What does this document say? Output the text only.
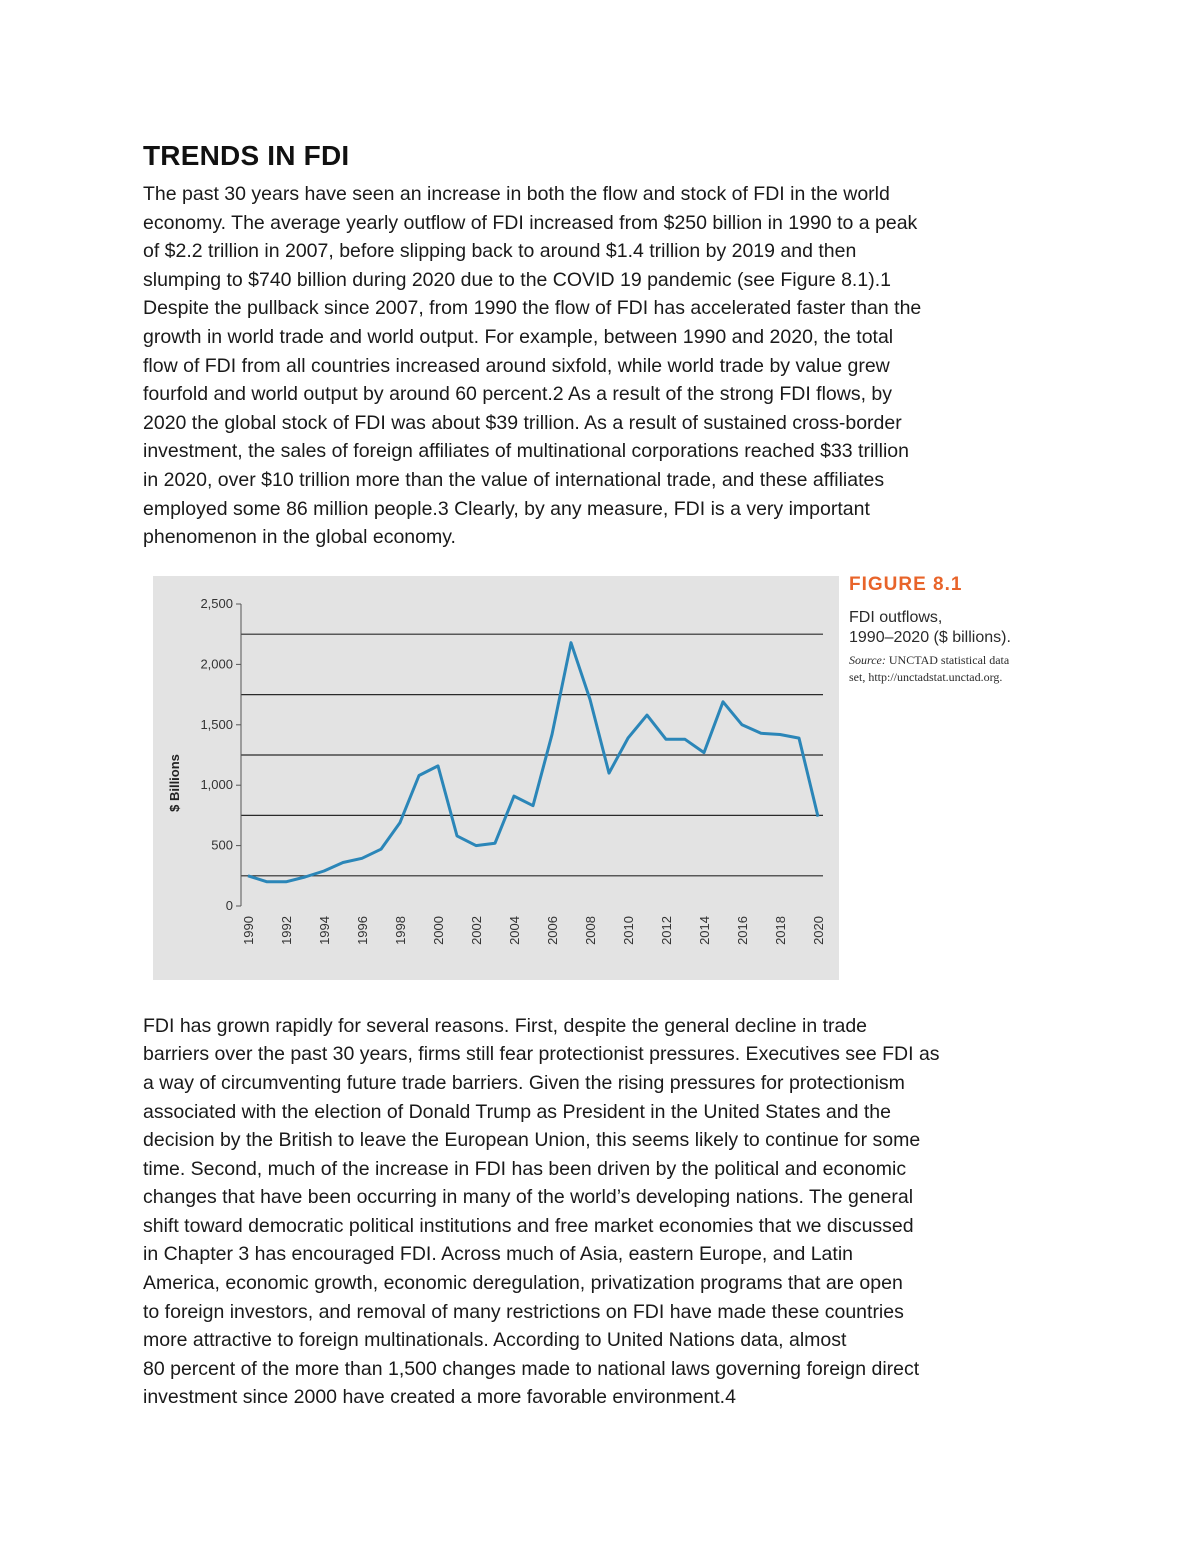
TRENDS IN FDI
The past 30 years have seen an increase in both the flow and stock of FDI in the world
economy. The average yearly outflow of FDI increased from $250 billion in 1990 to a peak
of $2.2 trillion in 2007, before slipping back to around $1.4 trillion by 2019 and then
slumping to $740 billion during 2020 due to the COVID 19 pandemic (see Figure 8.1).1
Despite the pullback since 2007, from 1990 the flow of FDI has accelerated faster than the
growth in world trade and world output. For example, between 1990 and 2020, the total
flow of FDI from all countries increased around sixfold, while world trade by value grew
fourfold and world output by around 60 percent.2 As a result of the strong FDI flows, by
2020 the global stock of FDI was about $39 trillion. As a result of sustained cross-border
investment, the sales of foreign affiliates of multinational corporations reached $33 trillion
in 2020, over $10 trillion more than the value of international trade, and these affiliates
employed some 86 million people.3 Clearly, by any measure, FDI is a very important
phenomenon in the global economy.
0
500
1,000
1,500
2,000
2,500
$ Billions
1990 1992 1994 1996 1998 2000 2002 2004 2006 2008 2010 2012 2014 2016 2018 2020
FIGURE 8.1
FDI outflows,
1990–2020 ($ billions).
Source: UNCTAD statistical data
set, http://unctadstat.unctad.org.
FDI has grown rapidly for several reasons. First, despite the general decline in trade
barriers over the past 30 years, firms still fear protectionist pressures. Executives see FDI as
a way of circumventing future trade barriers. Given the rising pressures for protectionism
associated with the election of Donald Trump as President in the United States and the
decision by the British to leave the European Union, this seems likely to continue for some
time. Second, much of the increase in FDI has been driven by the political and economic
changes that have been occurring in many of the world’s developing nations. The general
shift toward democratic political institutions and free market economies that we discussed
in Chapter 3 has encouraged FDI. Across much of Asia, eastern Europe, and Latin
America, economic growth, economic deregulation, privatization programs that are open
to foreign investors, and removal of many restrictions on FDI have made these countries
more attractive to foreign multinationals. According to United Nations data, almost
80 percent of the more than 1,500 changes made to national laws governing foreign direct
investment since 2000 have created a more favorable environment.4
